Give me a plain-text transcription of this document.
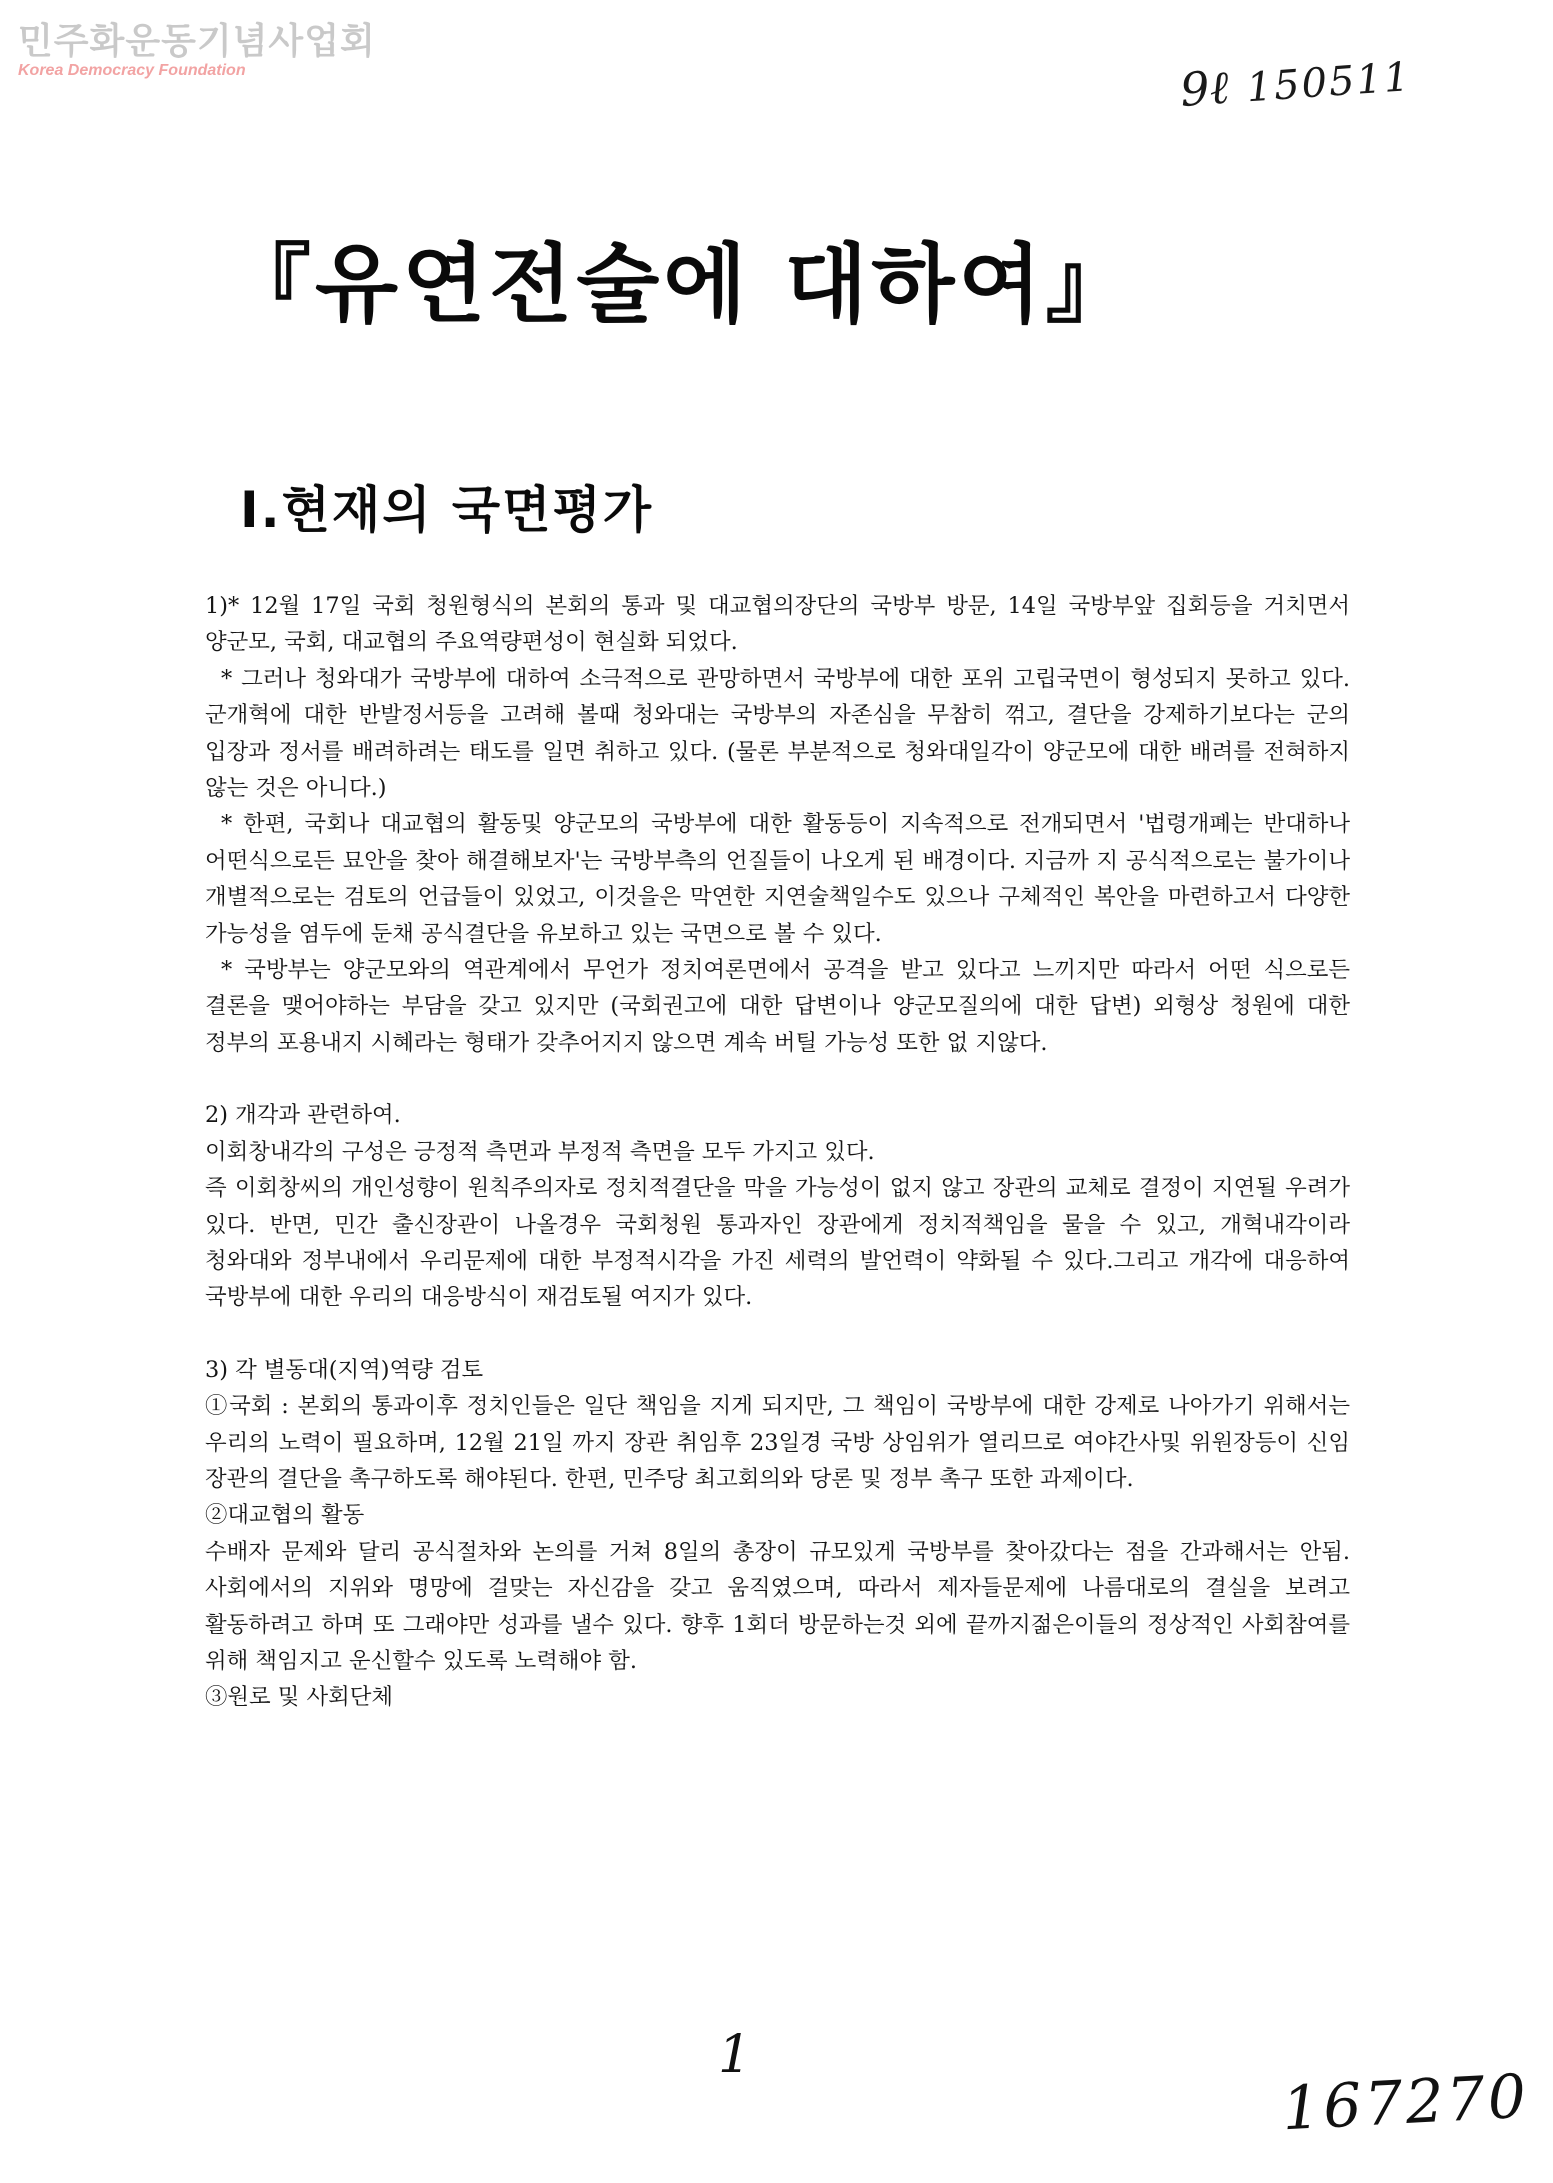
민주화운동기념사업회
Korea Democracy Foundation	9ℓ 150511
『유연전술에 대하여』
Ⅰ.현재의 국면평가

1)* 12월 17일 국회 청원형식의 본회의 통과 및 대교협의장단의 국방부 방문, 14일 국방부앞 집회등을 거치면서 양군모, 국회, 대교협의 주요역량편성이 현실화 되었다.

* 그러나 청와대가 국방부에 대하여 소극적으로 관망하면서 국방부에 대한 포위 고립국면이 형성되지 못하고 있다. 군개혁에 대한 반발정서등을 고려해 볼때 청와대는 국방부의 자존심을 무참히 꺾고, 결단을 강제하기보다는 군의 입장과 정서를 배려하려는 태도를 일면 취하고 있다. (물론 부분적으로 청와대일각이 양군모에 대한 배려를 전혀하지 않는 것은 아니다.)

* 한편, 국회나 대교협의 활동및 양군모의 국방부에 대한 활동등이 지속적으로 전개되면서 '법령개폐는 반대하나 어떤식으로든 묘안을 찾아 해결해보자'는 국방부측의 언질들이 나오게 된 배경이다. 지금까 지 공식적으로는 불가이나 개별적으로는 검토의 언급들이 있었고, 이것을은 막연한 지연술책일수도 있으나 구체적인 복안을 마련하고서 다양한 가능성을 염두에 둔채 공식결단을 유보하고 있는 국면으로 볼 수 있다.

* 국방부는 양군모와의 역관계에서 무언가 정치여론면에서 공격을 받고 있다고 느끼지만 따라서 어떤 식으로든 결론을 맺어야하는 부담을 갖고 있지만 (국회권고에 대한 답변이나 양군모질의에 대한 답변) 외형상 청원에 대한 정부의 포용내지 시혜라는 형태가 갖추어지지 않으면 계속 버틸 가능성 또한 없 지않다.

2) 개각과 관련하여.

이회창내각의 구성은 긍정적 측면과 부정적 측면을 모두 가지고 있다.

즉 이회창씨의 개인성향이 원칙주의자로 정치적결단을 막을 가능성이 없지 않고 장관의 교체로 결정이 지연될 우려가 있다. 반면, 민간 출신장관이 나올경우 국회청원 통과자인 장관에게 정치적책임을 물을 수 있고, 개혁내각이라 청와대와 정부내에서 우리문제에 대한 부정적시각을 가진 세력의 발언력이 약화될 수 있다.그리고 개각에 대응하여 국방부에 대한 우리의 대응방식이 재검토될 여지가 있다.

3) 각 별동대(지역)역량 검토

①국회 : 본회의 통과이후 정치인들은 일단 책임을 지게 되지만, 그 책임이 국방부에 대한 강제로 나아가기 위해서는 우리의 노력이 필요하며, 12월 21일 까지 장관 취임후 23일경 국방 상임위가 열리므로 여야간사및 위원장등이 신임 장관의 결단을 촉구하도록 해야된다. 한편, 민주당 최고회의와 당론 및 정부 촉구 또한 과제이다.

②대교협의 활동

수배자 문제와 달리 공식절차와 논의를 거쳐 8일의 총장이 규모있게 국방부를 찾아갔다는 점을 간과해서는 안됨. 사회에서의 지위와 명망에 걸맞는 자신감을 갖고 움직였으며, 따라서 제자들문제에 나름대로의 결실을 보려고 활동하려고 하며 또 그래야만 성과를 낼수 있다. 향후 1회더 방문하는것 외에 끝까지젊은이들의 정상적인 사회참여를 위해 책임지고 운신할수 있도록 노력해야 함.

③원로 및 사회단체

1
167270
